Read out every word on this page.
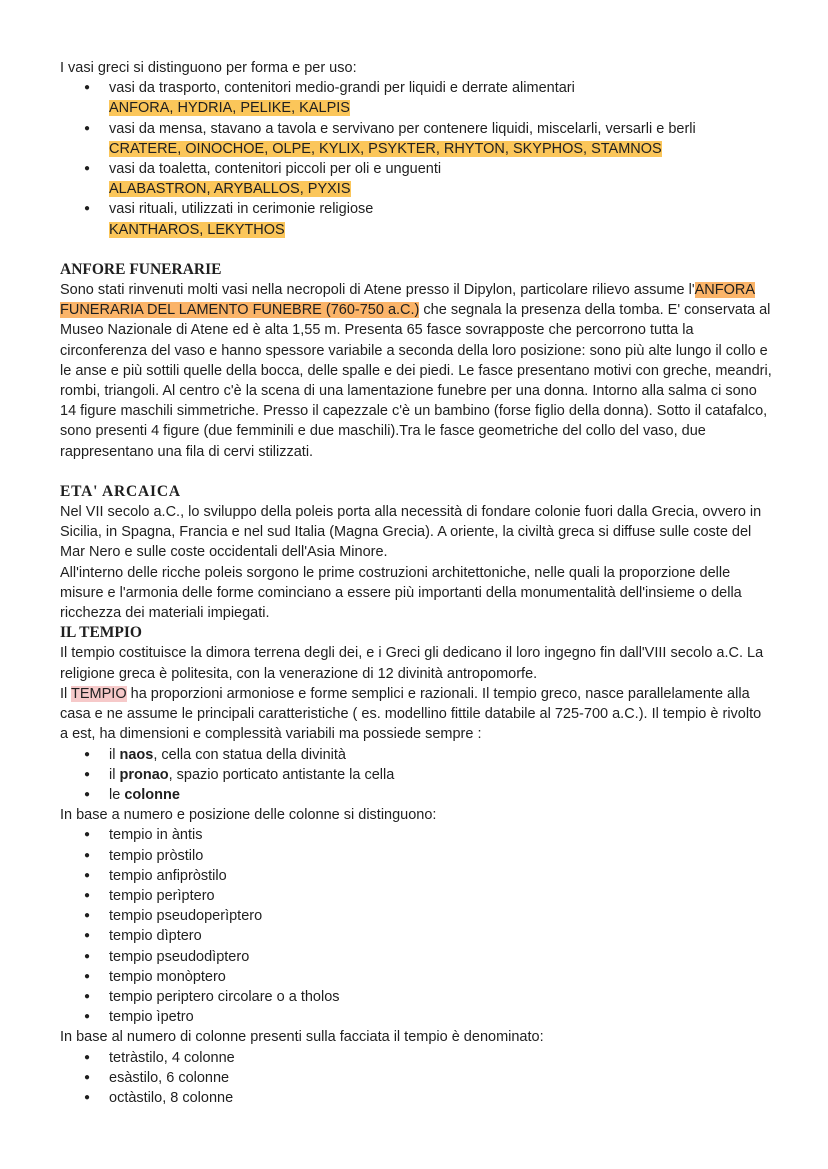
I vasi greci si distinguono per forma e per uso:

● vasi da trasporto, contenitori medio-grandi per liquidi e derrate alimentari
ANFORA, HYDRIA, PELIKE, KALPIS
● vasi da mensa, stavano a tavola e servivano per contenere liquidi, miscelarli, versarli e berli
CRATERE, OINOCHOE, OLPE, KYLIX, PSYKTER, RHYTON, SKYPHOS, STAMNOS
● vasi da toaletta, contenitori piccoli per oli e unguenti
ALABASTRON, ARYBALLOS, PYXIS
● vasi rituali, utilizzati in cerimonie religiose
KANTHAROS, LEKYTHOS
ANFORE FUNERARIE

Sono stati rinvenuti molti vasi nella necropoli di Atene presso il Dipylon, particolare rilievo assume l'ANFORA FUNERARIA DEL LAMENTO FUNEBRE (760-750 a.C.) che segnala la presenza della tomba. E' conservata al Museo Nazionale di Atene ed è alta 1,55 m. Presenta 65 fasce sovrapposte che percorrono tutta la circonferenza del vaso e hanno spessore variabile a seconda della loro posizione: sono più alte lungo il collo e le anse e più sottili quelle della bocca, delle spalle e dei piedi. Le fasce presentano motivi con greche, meandri, rombi, triangoli. Al centro c'è la scena di una lamentazione funebre per una donna. Intorno alla salma ci sono 14 figure maschili simmetriche. Presso il capezzale c'è un bambino (forse figlio della donna). Sotto il catafalco, sono presenti 4 figure (due femminili e due maschili).Tra le fasce geometriche del collo del vaso, due rappresentano una fila di cervi stilizzati.

ETA' ARCAICA

Nel VII secolo a.C., lo sviluppo della poleis porta alla necessità di fondare colonie fuori dalla Grecia, ovvero in Sicilia, in Spagna, Francia e nel sud Italia (Magna Grecia). A oriente, la civiltà greca si diffuse sulle coste del Mar Nero e sulle coste occidentali dell'Asia Minore.

All'interno delle ricche poleis sorgono le prime costruzioni architettoniche, nelle quali la proporzione delle misure e l'armonia delle forme cominciano a essere più importanti della monumentalità dell'insieme o della ricchezza dei materiali impiegati.

IL TEMPIO

Il tempio costituisce la dimora terrena degli dei, e i Greci gli dedicano il loro ingegno fin dall'VIII secolo a.C. La religione greca è politesita, con la venerazione di 12 divinità antropomorfe.

Il TEMPIO ha proporzioni armoniose e forme semplici e razionali. Il tempio greco, nasce parallelamente alla casa e ne assume le principali caratteristiche ( es. modellino fittile databile al 725-700 a.C.). Il tempio è rivolto a est, ha dimensioni e complessità variabili ma possiede sempre :

● il naos, cella con statua della divinità
● il pronao, spazio porticato antistante la cella
● le colonne

In base a numero e posizione delle colonne si distinguono:

● tempio in àntis
● tempio pròstilo
● tempio anfipròstilo
● tempio perìptero
● tempio pseudoperìptero
● tempio dìptero
● tempio pseudodìptero
● tempio monòptero
● tempio periptero circolare o a tholos
● tempio ìpetro

In base al numero di colonne presenti sulla facciata il tempio è denominato:

● tetràstilo, 4 colonne
● esàstilo, 6 colonne
● octàstilo, 8 colonne
